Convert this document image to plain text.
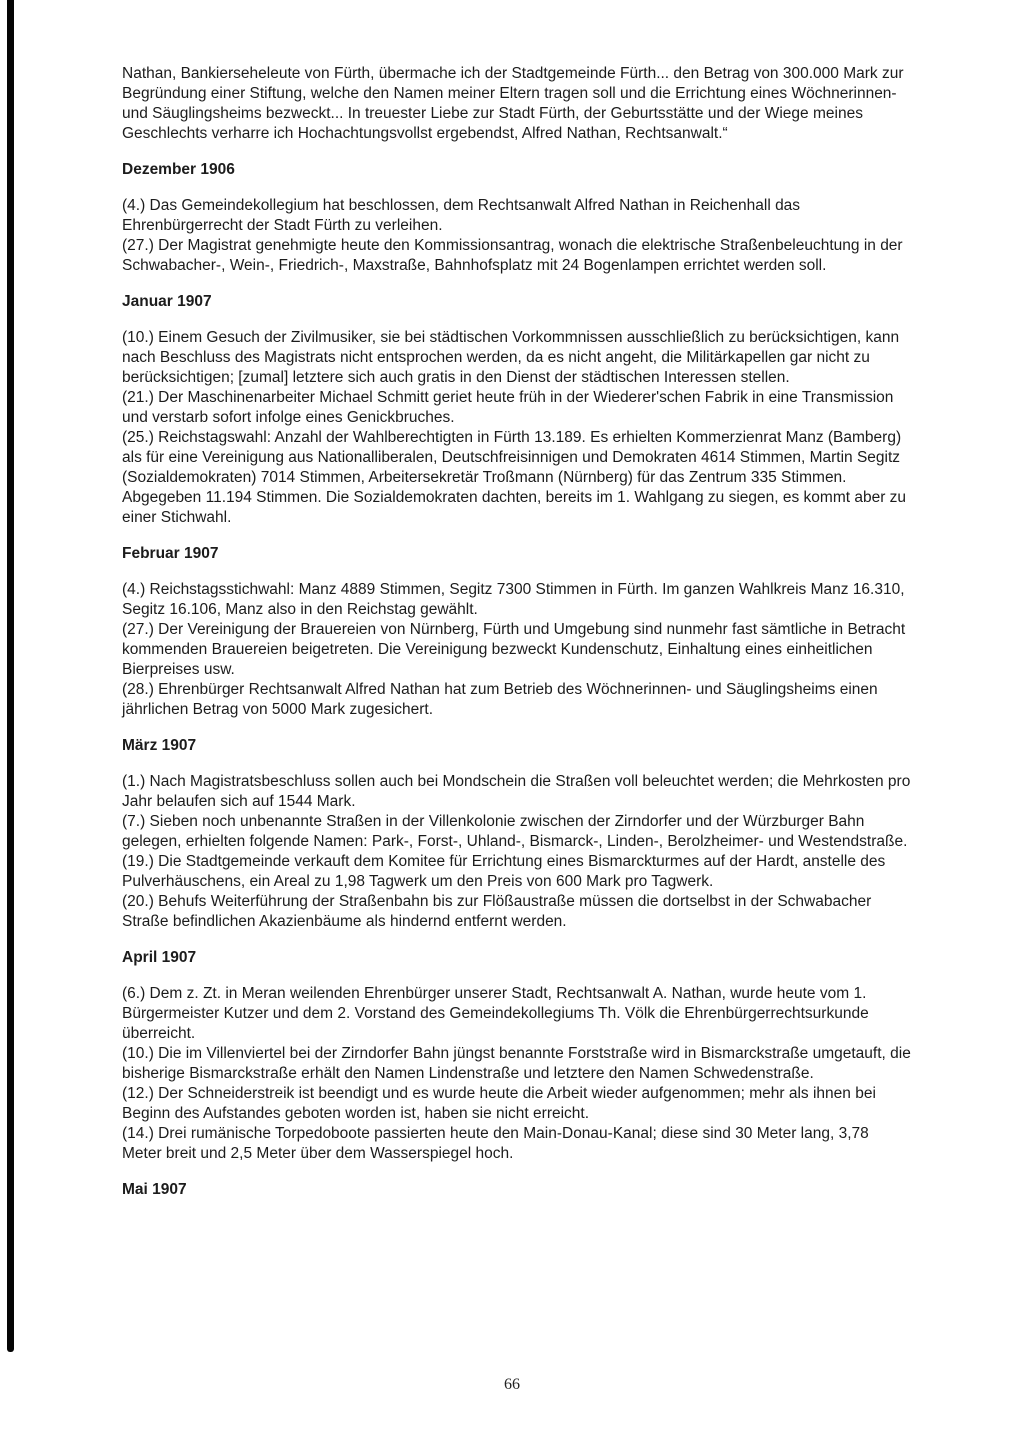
Nathan, Bankierseheleute von Fürth, übermache ich der Stadtgemeinde Fürth... den Betrag von 300.000 Mark zur Begründung einer Stiftung, welche den Namen meiner Eltern tragen soll und die Errichtung eines Wöchnerinnen- und Säuglingsheims bezweckt... In treuester Liebe zur Stadt Fürth, der Geburtsstätte und der Wiege meines Geschlechts verharre ich Hochachtungsvollst ergebendst, Alfred Nathan, Rechtsanwalt.“

Dezember 1906

(4.) Das Gemeindekollegium hat beschlossen, dem Rechtsanwalt Alfred Nathan in Reichenhall das Ehrenbürgerrecht der Stadt Fürth zu verleihen.

(27.) Der Magistrat genehmigte heute den Kommissionsantrag, wonach die elektrische Straßenbeleuchtung in der Schwabacher-, Wein-, Friedrich-, Maxstraße, Bahnhofsplatz mit 24 Bogenlampen errichtet werden soll.

Januar 1907

(10.) Einem Gesuch der Zivilmusiker, sie bei städtischen Vorkommnissen ausschließlich zu berücksichtigen, kann nach Beschluss des Magistrats nicht entsprochen werden, da es nicht angeht, die Militärkapellen gar nicht zu berücksichtigen; [zumal] letztere sich auch gratis in den Dienst der städtischen Interessen stellen.

(21.) Der Maschinenarbeiter Michael Schmitt geriet heute früh in der Wiederer'schen Fabrik in eine Transmission und verstarb sofort infolge eines Genickbruches.

(25.) Reichstagswahl: Anzahl der Wahlberechtigten in Fürth 13.189. Es erhielten Kommerzienrat Manz (Bamberg) als für eine Vereinigung aus Nationalliberalen, Deutschfreisinnigen und Demokraten 4614 Stimmen, Martin Segitz (Sozialdemokraten) 7014 Stimmen, Arbeitersekretär Troßmann (Nürnberg) für das Zentrum 335 Stimmen. Abgegeben 11.194 Stimmen. Die Sozialdemokraten dachten, bereits im 1. Wahlgang zu siegen, es kommt aber zu einer Stichwahl.

Februar 1907

(4.) Reichstagsstichwahl: Manz 4889 Stimmen, Segitz 7300 Stimmen in Fürth. Im ganzen Wahlkreis Manz 16.310, Segitz 16.106, Manz also in den Reichstag gewählt.

(27.) Der Vereinigung der Brauereien von Nürnberg, Fürth und Umgebung sind nunmehr fast sämtliche in Betracht kommenden Brauereien beigetreten. Die Vereinigung bezweckt Kundenschutz, Einhaltung eines einheitlichen Bierpreises usw.

(28.) Ehrenbürger Rechtsanwalt Alfred Nathan hat zum Betrieb des Wöchnerinnen- und Säuglingsheims einen jährlichen Betrag von 5000 Mark zugesichert.

März 1907

(1.) Nach Magistratsbeschluss sollen auch bei Mondschein die Straßen voll beleuchtet werden; die Mehrkosten pro Jahr belaufen sich auf 1544 Mark.

(7.) Sieben noch unbenannte Straßen in der Villenkolonie zwischen der Zirndorfer und der Würzburger Bahn gelegen, erhielten folgende Namen: Park-, Forst-, Uhland-, Bismarck-, Linden-, Berolzheimer- und Westendstraße.

(19.) Die Stadtgemeinde verkauft dem Komitee für Errichtung eines Bismarckturmes auf der Hardt, anstelle des Pulverhäuschens, ein Areal zu 1,98 Tagwerk um den Preis von 600 Mark pro Tagwerk.

(20.) Behufs Weiterführung der Straßenbahn bis zur Flößaustraße müssen die dortselbst in der Schwabacher Straße befindlichen Akazienbäume als hindernd entfernt werden.

April 1907

(6.) Dem z. Zt. in Meran weilenden Ehrenbürger unserer Stadt, Rechtsanwalt A. Nathan, wurde heute vom 1. Bürgermeister Kutzer und dem 2. Vorstand des Gemeindekollegiums Th. Völk die Ehrenbürgerrechtsurkunde überreicht.

(10.) Die im Villenviertel bei der Zirndorfer Bahn jüngst benannte Forststraße wird in Bismarckstraße umgetauft, die bisherige Bismarckstraße erhält den Namen Lindenstraße und letztere den Namen Schwedenstraße.

(12.) Der Schneiderstreik ist beendigt und es wurde heute die Arbeit wieder aufgenommen; mehr als ihnen bei Beginn des Aufstandes geboten worden ist, haben sie nicht erreicht.

(14.) Drei rumänische Torpedoboote passierten heute den Main-Donau-Kanal; diese sind 30 Meter lang, 3,78 Meter breit und 2,5 Meter über dem Wasserspiegel hoch.

Mai 1907
66
